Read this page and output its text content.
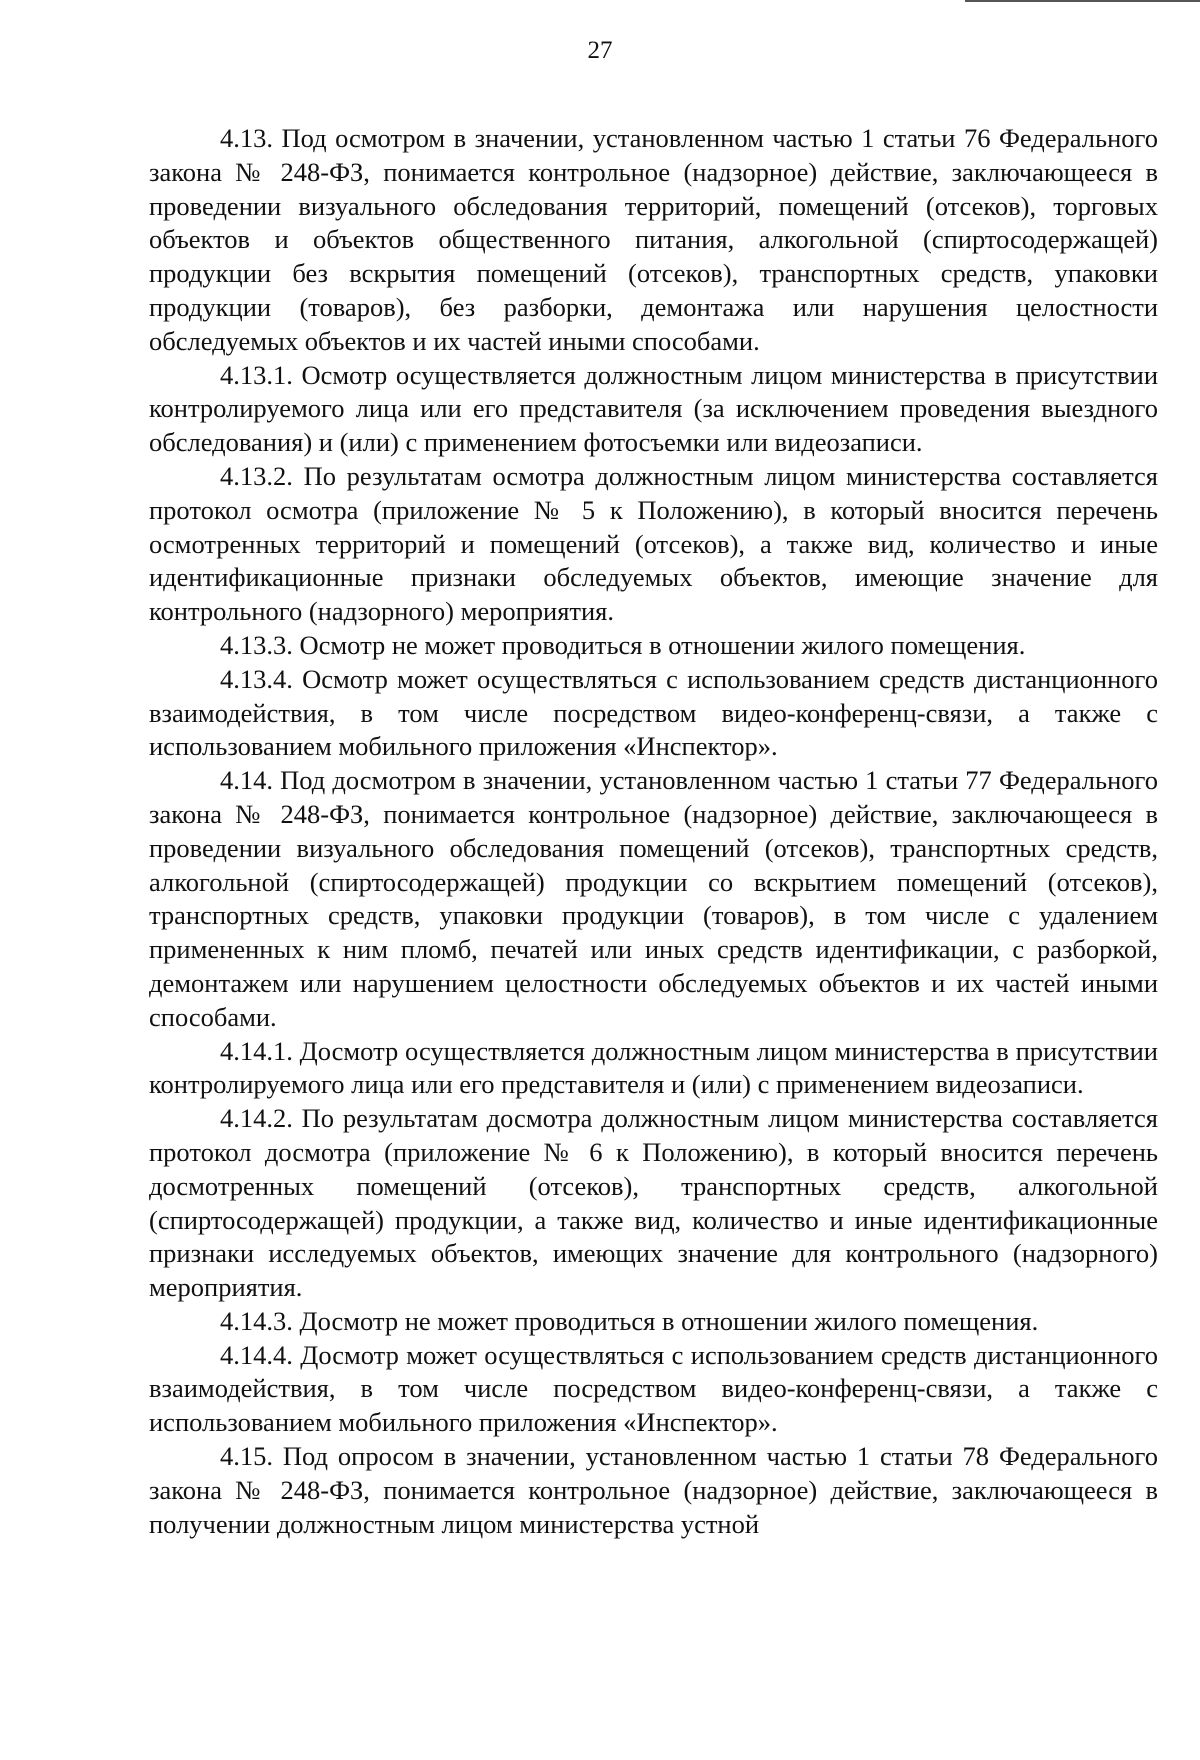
27

4.13. Под осмотром в значении, установленном частью 1 статьи 76 Федерального закона № 248-ФЗ, понимается контрольное (надзорное) действие, заключающееся в проведении визуального обследования территорий, помещений (отсеков), торговых объектов и объектов общественного питания, алкогольной (спиртосодержащей) продукции без вскрытия помещений (отсеков), транспортных средств, упаковки продукции (товаров), без разборки, демонтажа или нарушения целостности обследуемых объектов и их частей иными способами.

4.13.1. Осмотр осуществляется должностным лицом министерства в присутствии контролируемого лица или его представителя (за исключением проведения выездного обследования) и (или) с применением фотосъемки или видеозаписи.

4.13.2. По результатам осмотра должностным лицом министерства составляется протокол осмотра (приложение № 5 к Положению), в который вносится перечень осмотренных территорий и помещений (отсеков), а также вид, количество и иные идентификационные признаки обследуемых объектов, имеющие значение для контрольного (надзорного) мероприятия.

4.13.3. Осмотр не может проводиться в отношении жилого помещения.

4.13.4. Осмотр может осуществляться с использованием средств дистанционного взаимодействия, в том числе посредством видео-конференц-связи, а также с использованием мобильного приложения «Инспектор».

4.14. Под досмотром в значении, установленном частью 1 статьи 77 Федерального закона № 248-ФЗ, понимается контрольное (надзорное) действие, заключающееся в проведении визуального обследования помещений (отсеков), транспортных средств, алкогольной (спиртосодержащей) продукции со вскрытием помещений (отсеков), транспортных средств, упаковки продукции (товаров), в том числе с удалением примененных к ним пломб, печатей или иных средств идентификации, с разборкой, демонтажем или нарушением целостности обследуемых объектов и их частей иными способами.

4.14.1. Досмотр осуществляется должностным лицом министерства в присутствии контролируемого лица или его представителя и (или) с применением видеозаписи.

4.14.2. По результатам досмотра должностным лицом министерства составляется протокол досмотра (приложение № 6 к Положению), в который вносится перечень досмотренных помещений (отсеков), транспортных средств, алкогольной (спиртосодержащей) продукции, а также вид, количество и иные идентификационные признаки исследуемых объектов, имеющих значение для контрольного (надзорного) мероприятия.

4.14.3. Досмотр не может проводиться в отношении жилого помещения.

4.14.4. Досмотр может осуществляться с использованием средств дистанционного взаимодействия, в том числе посредством видео-конференц-связи, а также с использованием мобильного приложения «Инспектор».

4.15. Под опросом в значении, установленном частью 1 статьи 78 Федерального закона № 248-ФЗ, понимается контрольное (надзорное) действие, заключающееся в получении должностным лицом министерства устной
